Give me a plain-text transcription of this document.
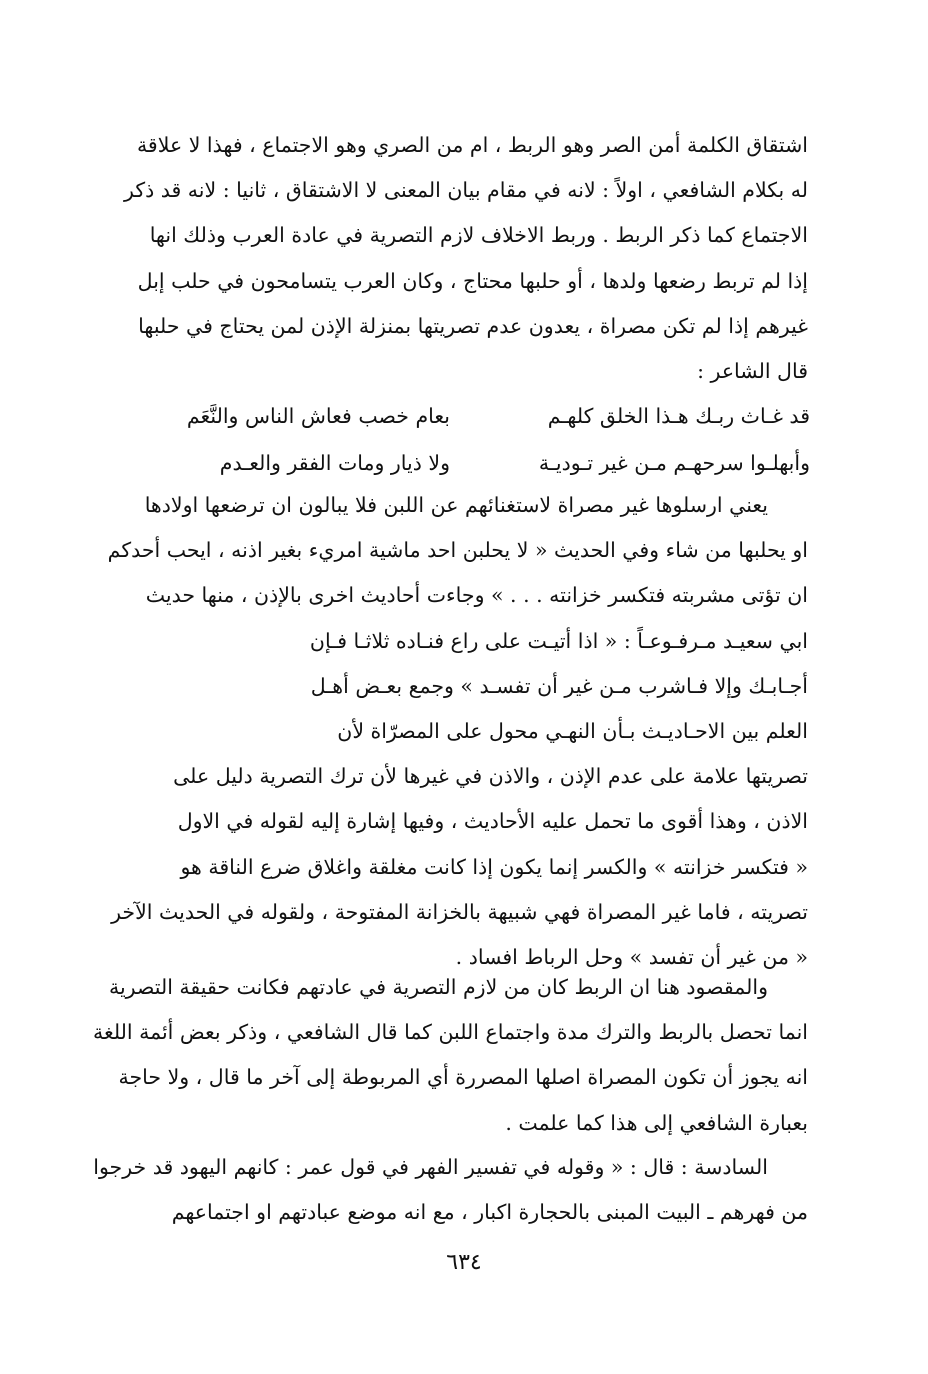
اشتقاق الكلمة أمن الصر وهو الربط ، ام من الصري وهو الاجتماع ، فهذا لا علاقة
له بكلام الشافعي ، اولاً : لانه في مقام بيان المعنى لا الاشتقاق ، ثانيا : لانه قد ذكر
الاجتماع كما ذكر الربط . وربط الاخلاف لازم التصرية في عادة العرب وذلك انها
إذا لم تربط رضعها ولدها ، أو حلبها محتاج ، وكان العرب يتسامحون في حلب إبل
غيرهم إذا لم تكن مصراة ، يعدون عدم تصريتها بمنزلة الإذن لمن يحتاج في حلبها
قال الشاعر :
قد غـاث ربـك هـذا الخلق كلهـم
بعام خصب فعاش الناس والنَّعَم
وأبهلـوا سرحهـم مـن غير تـوديـة
ولا ذيار ومات الفقر والعـدم
يعني ارسلوها غير مصراة لاستغنائهم عن اللبن فلا يبالون ان ترضعها اولادها
او يحلبها من شاء وفي الحديث « لا يحلبن احد ماشية امريء بغير اذنه ، ايحب أحدكم
ان تؤتى مشربته فتكسر خزانته . . . » وجاءت أحاديث اخرى بالإذن ، منها حديث
ابي سعيـد مـرفـوعـاً : « اذا أتيـت على راع فنـاده ثلاثـا فـإن
أجـابـك وإلا فـاشرب مـن غير أن تفسـد » وجمع بعـض أهـل
العلم بين الاحـاديـث بـأن النهـي محول على المصرّاة لأن
تصريتها علامة على عدم الإذن ، والاذن في غيرها لأن ترك التصرية دليل على
الاذن ، وهذا أقوى ما تحمل عليه الأحاديث ، وفيها إشارة إليه لقوله في الاول
« فتكسر خزانته » والكسر إنما يكون إذا كانت مغلقة واغلاق ضرع الناقة هو
تصريته ، فاما غير المصراة فهي شبيهة بالخزانة المفتوحة ، ولقوله في الحديث الآخر
« من غير أن تفسد » وحل الرباط افساد .
والمقصود هنا ان الربط كان من لازم التصرية في عادتهم فكانت حقيقة التصرية
انما تحصل بالربط والترك مدة واجتماع اللبن كما قال الشافعي ، وذكر بعض أئمة اللغة
انه يجوز أن تكون المصراة اصلها المصررة أي المربوطة إلى آخر ما قال ، ولا حاجة
بعبارة الشافعي إلى هذا كما علمت .
السادسة : قال : « وقوله في تفسير الفهر في قول عمر : كانهم اليهود قد خرجوا
من فهرهم ـ البيت المبنى بالحجارة اكبار ، مع انه موضع عبادتهم او اجتماعهم
٦٣٤
